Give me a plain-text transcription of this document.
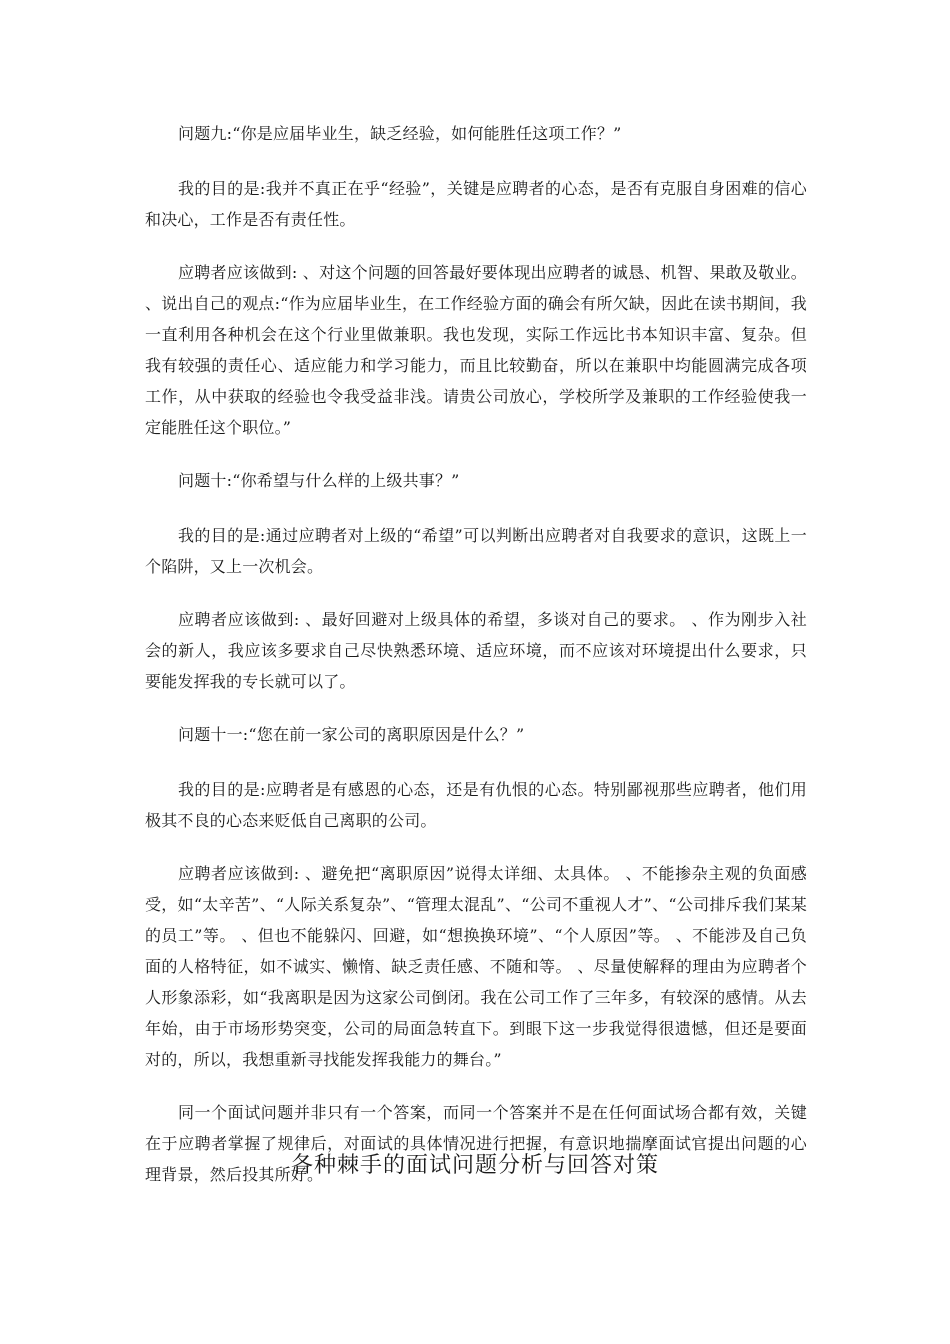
问题九:“你是应届毕业生，缺乏经验，如何能胜任这项工作？”

我的目的是:我并不真正在乎“经验”，关键是应聘者的心态，是否有克服自身困难的信心和决心，工作是否有责任性。

应聘者应该做到: 、对这个问题的回答最好要体现出应聘者的诚恳、机智、果敢及敬业。 、说出自己的观点:“作为应届毕业生，在工作经验方面的确会有所欠缺，因此在读书期间，我一直利用各种机会在这个行业里做兼职。我也发现，实际工作远比书本知识丰富、复杂。但我有较强的责任心、适应能力和学习能力，而且比较勤奋，所以在兼职中均能圆满完成各项工作，从中获取的经验也令我受益非浅。请贵公司放心，学校所学及兼职的工作经验使我一定能胜任这个职位。”

问题十:“你希望与什么样的上级共事？”

我的目的是:通过应聘者对上级的“希望”可以判断出应聘者对自我要求的意识，这既上一个陷阱，又上一次机会。

应聘者应该做到: 、最好回避对上级具体的希望，多谈对自己的要求。 、作为刚步入社会的新人，我应该多要求自己尽快熟悉环境、适应环境，而不应该对环境提出什么要求，只要能发挥我的专长就可以了。

问题十一:“您在前一家公司的离职原因是什么？”

我的目的是:应聘者是有感恩的心态，还是有仇恨的心态。特别鄙视那些应聘者，他们用极其不良的心态来贬低自己离职的公司。

应聘者应该做到: 、避免把“离职原因”说得太详细、太具体。 、不能掺杂主观的负面感受，如“太辛苦”、“人际关系复杂”、“管理太混乱”、“公司不重视人才”、“公司排斥我们某某的员工”等。 、但也不能躲闪、回避，如“想换换环境”、“个人原因”等。 、不能涉及自己负面的人格特征，如不诚实、懒惰、缺乏责任感、不随和等。 、尽量使解释的理由为应聘者个人形象添彩，如“我离职是因为这家公司倒闭。我在公司工作了三年多，有较深的感情。从去年始，由于市场形势突变，公司的局面急转直下。到眼下这一步我觉得很遗憾，但还是要面对的，所以，我想重新寻找能发挥我能力的舞台。”

同一个面试问题并非只有一个答案，而同一个答案并不是在任何面试场合都有效，关键在于应聘者掌握了规律后，对面试的具体情况进行把握，有意识地揣摩面试官提出问题的心理背景，然后投其所好。

各种棘手的面试问题分析与回答对策
